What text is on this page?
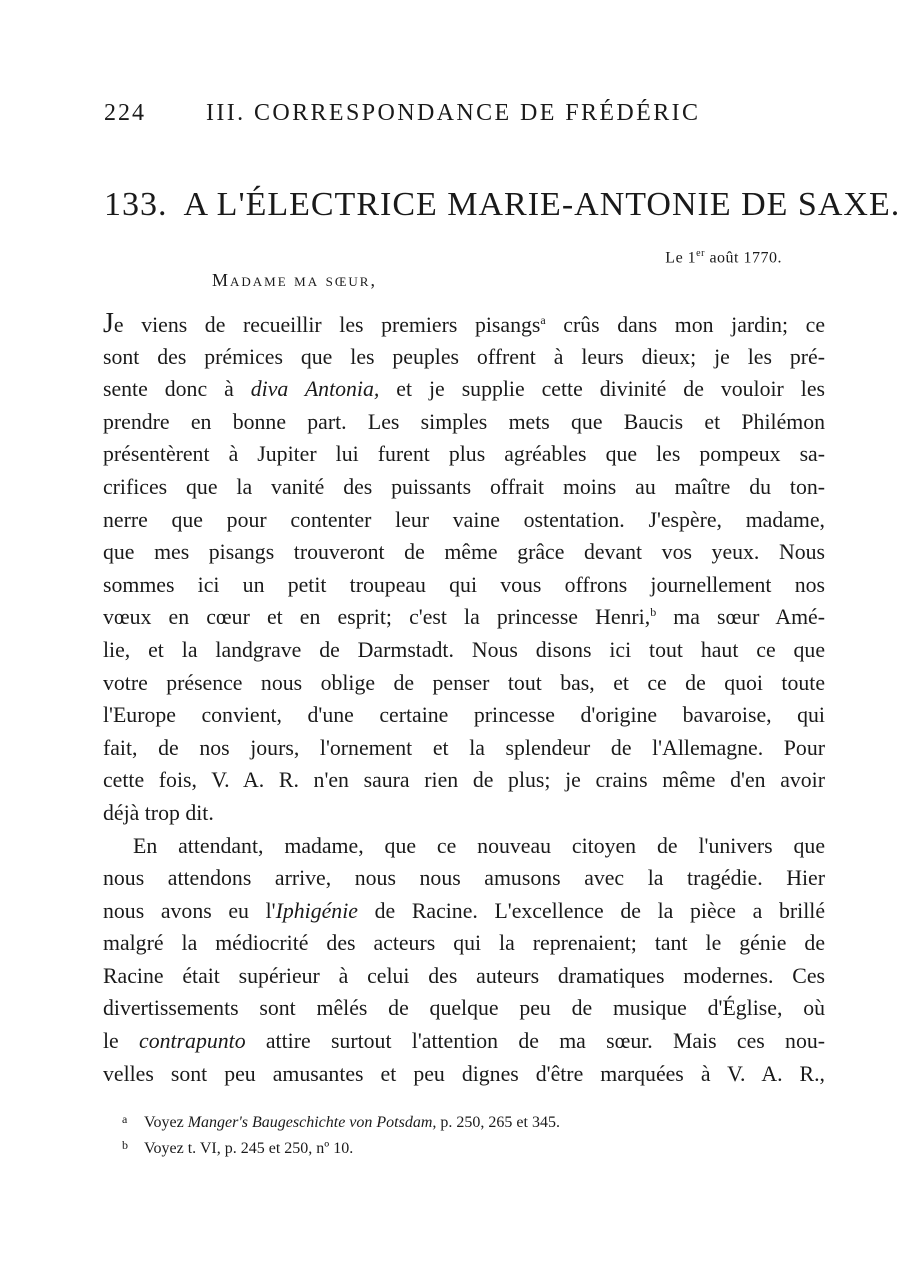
224	III. CORRESPONDANCE DE FRÉDÉRIC
133. A L'ÉLECTRICE MARIE-ANTONIE DE SAXE.
Le 1er août 1770.
Madame ma sœur,
Je viens de recueillir les premiers pisangs$^a$ crûs dans mon jardin; ce
sont des prémices que les peuples offrent à leurs dieux; je les pré-
sente donc à diva Antonia, et je supplie cette divinité de vouloir les
prendre en bonne part. Les simples mets que Baucis et Philémon
présentèrent à Jupiter lui furent plus agréables que les pompeux sa-
crifices que la vanité des puissants offrait moins au maître du ton-
nerre que pour contenter leur vaine ostentation. J'espère, madame,
que mes pisangs trouveront de même grâce devant vos yeux. Nous
sommes ici un petit troupeau qui vous offrons journellement nos
vœux en cœur et en esprit; c'est la princesse Henri,$^b$ ma sœur Amé-
lie, et la landgrave de Darmstadt. Nous disons ici tout haut ce que
votre présence nous oblige de penser tout bas, et ce de quoi toute
l'Europe convient, d'une certaine princesse d'origine bavaroise, qui
fait, de nos jours, l'ornement et la splendeur de l'Allemagne. Pour
cette fois, V. A. R. n'en saura rien de plus; je crains même d'en avoir
déjà trop dit.
En attendant, madame, que ce nouveau citoyen de l'univers que
nous attendons arrive, nous nous amusons avec la tragédie. Hier
nous avons eu l'Iphigénie de Racine. L'excellence de la pièce a brillé
malgré la médiocrité des acteurs qui la reprenaient; tant le génie de
Racine était supérieur à celui des auteurs dramatiques modernes. Ces
divertissements sont mêlés de quelque peu de musique d'Église, où
le contrapunto attire surtout l'attention de ma sœur. Mais ces nou-
velles sont peu amusantes et peu dignes d'être marquées à V. A. R.,
a Voyez Manger's Baugeschichte von Potsdam, p. 250, 265 et 345.
b Voyez t. VI, p. 245 et 250, nº 10.
